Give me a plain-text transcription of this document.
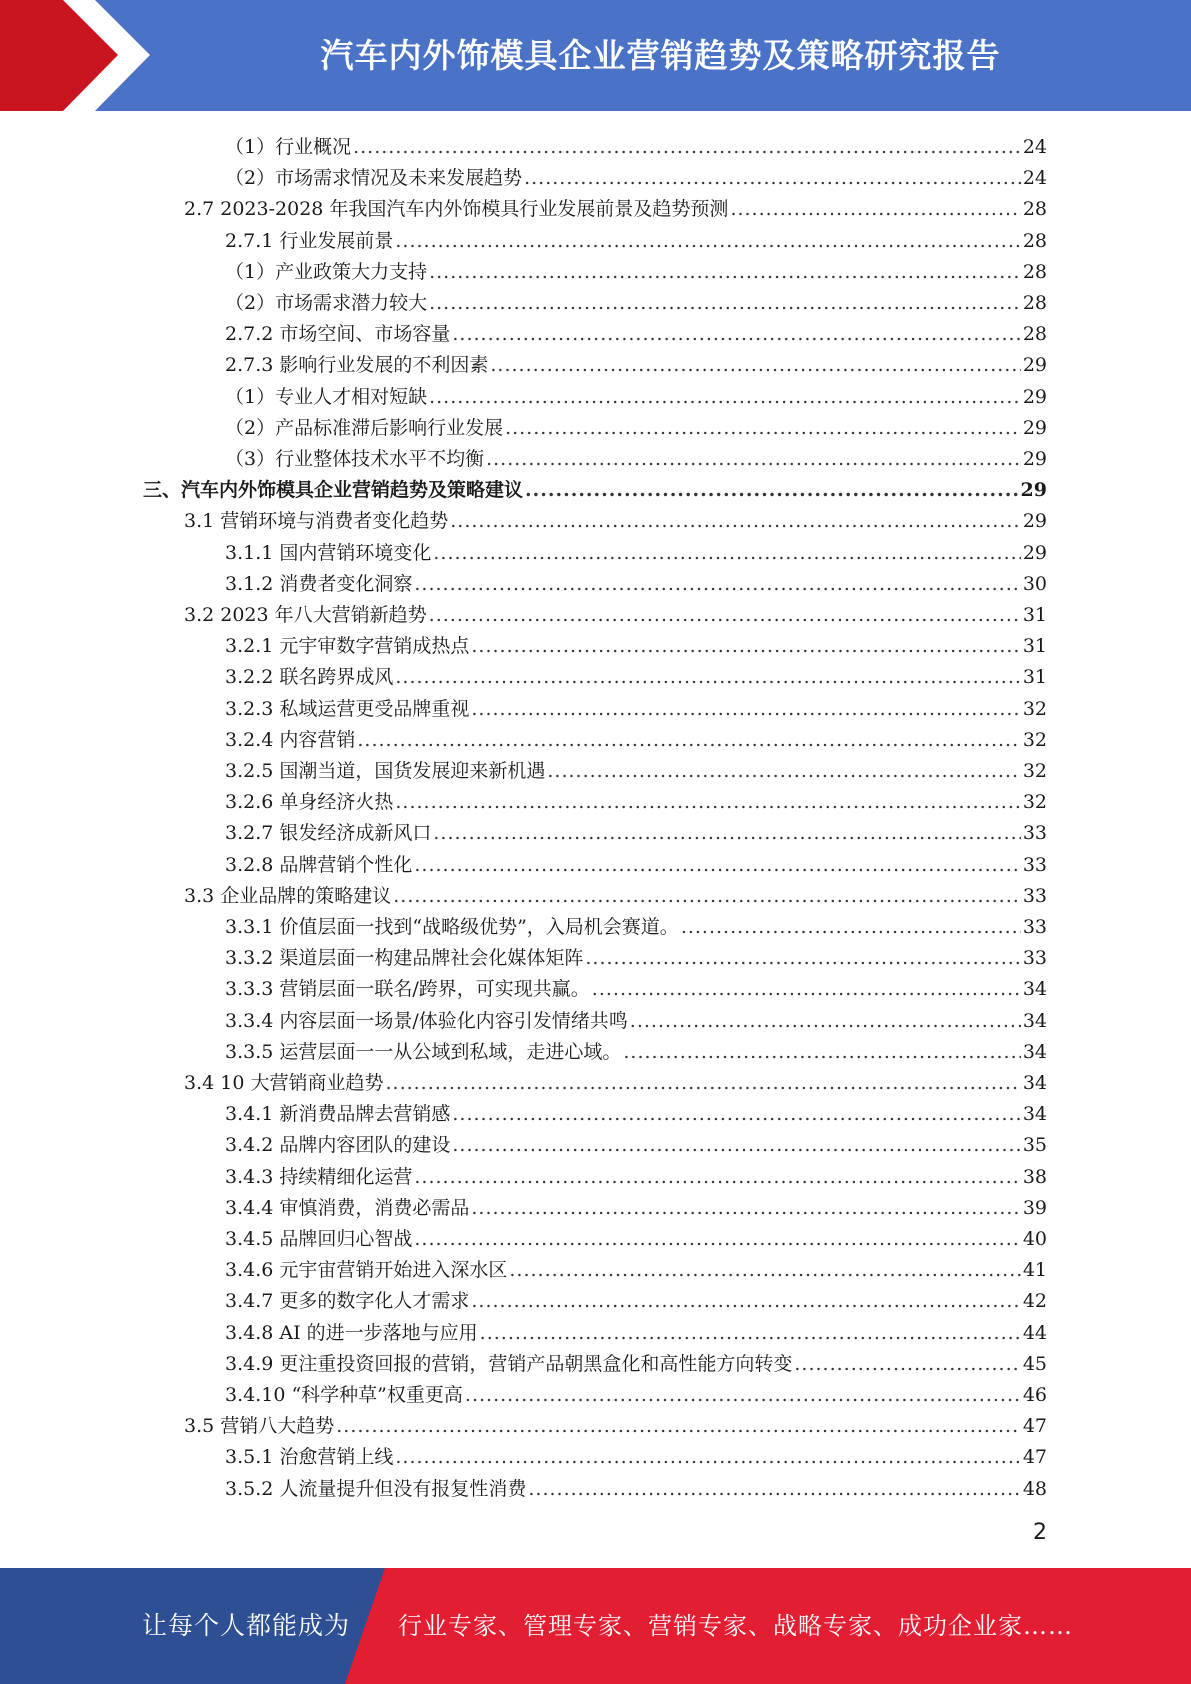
汽车内外饰模具企业营销趋势及策略研究报告
（1）行业概况 .....	24
（2）市场需求情况及未来发展趋势 .....	24
2.7 2023-2028 年我国汽车内外饰模具行业发展前景及趋势预测 .....	28
2.7.1 行业发展前景 .....	28
（1）产业政策大力支持 .....	28
（2）市场需求潜力较大 .....	28
2.7.2 市场空间、市场容量 .....	28
2.7.3 影响行业发展的不利因素 .....	29
（1）专业人才相对短缺 .....	29
（2）产品标准滞后影响行业发展 .....	29
（3）行业整体技术水平不均衡 .....	29
三、汽车内外饰模具企业营销趋势及策略建议 .....	29
3.1 营销环境与消费者变化趋势 .....	29
3.1.1 国内营销环境变化 .....	29
3.1.2 消费者变化洞察 .....	30
3.2 2023 年八大营销新趋势 .....	31
3.2.1 元宇审数字营销成热点 .....	31
3.2.2 联名跨界成风 .....	31
3.2.3 私域运营更受品牌重视 .....	32
3.2.4 内容营销 .....	32
3.2.5 国潮当道，国货发展迎来新机遇 .....	32
3.2.6 单身经济火热 .....	32
3.2.7 银发经济成新风口 .....	33
3.2.8 品牌营销个性化 .....	33
3.3 企业品牌的策略建议 .....	33
3.3.1 价值层面一找到“战略级优势”，入局机会赛道。 .....	33
3.3.2 渠道层面一构建品牌社会化媒体矩阵 .....	33
3.3.3 营销层面一联名/跨界，可实现共赢。 .....	34
3.3.4 内容层面一场景/体验化内容引发情绪共鸣 .....	34
3.3.5 运营层面一一从公域到私域，走进心域。 .....	34
3.4 10 大营销商业趋势 .....	34
3.4.1 新消费品牌去营销感 .....	34
3.4.2 品牌内容团队的建设 .....	35
3.4.3 持续精细化运营 .....	38
3.4.4 审慎消费，消费必需品 .....	39
3.4.5 品牌回归心智战 .....	40
3.4.6 元宇宙营销开始进入深水区 .....	41
3.4.7 更多的数字化人才需求 .....	42
3.4.8 AI 的进一步落地与应用 .....	44
3.4.9 更注重投资回报的营销，营销产品朝黑盒化和高性能方向转变 .....	45
3.4.10 “科学种草”权重更高 .....	46
3.5 营销八大趋势 .....	47
3.5.1 治愈营销上线 .....	47
3.5.2 人流量提升但没有报复性消费 .....	48
2
让每个人都能成为 行业专家、管理专家、营销专家、战略专家、成功企业家……
